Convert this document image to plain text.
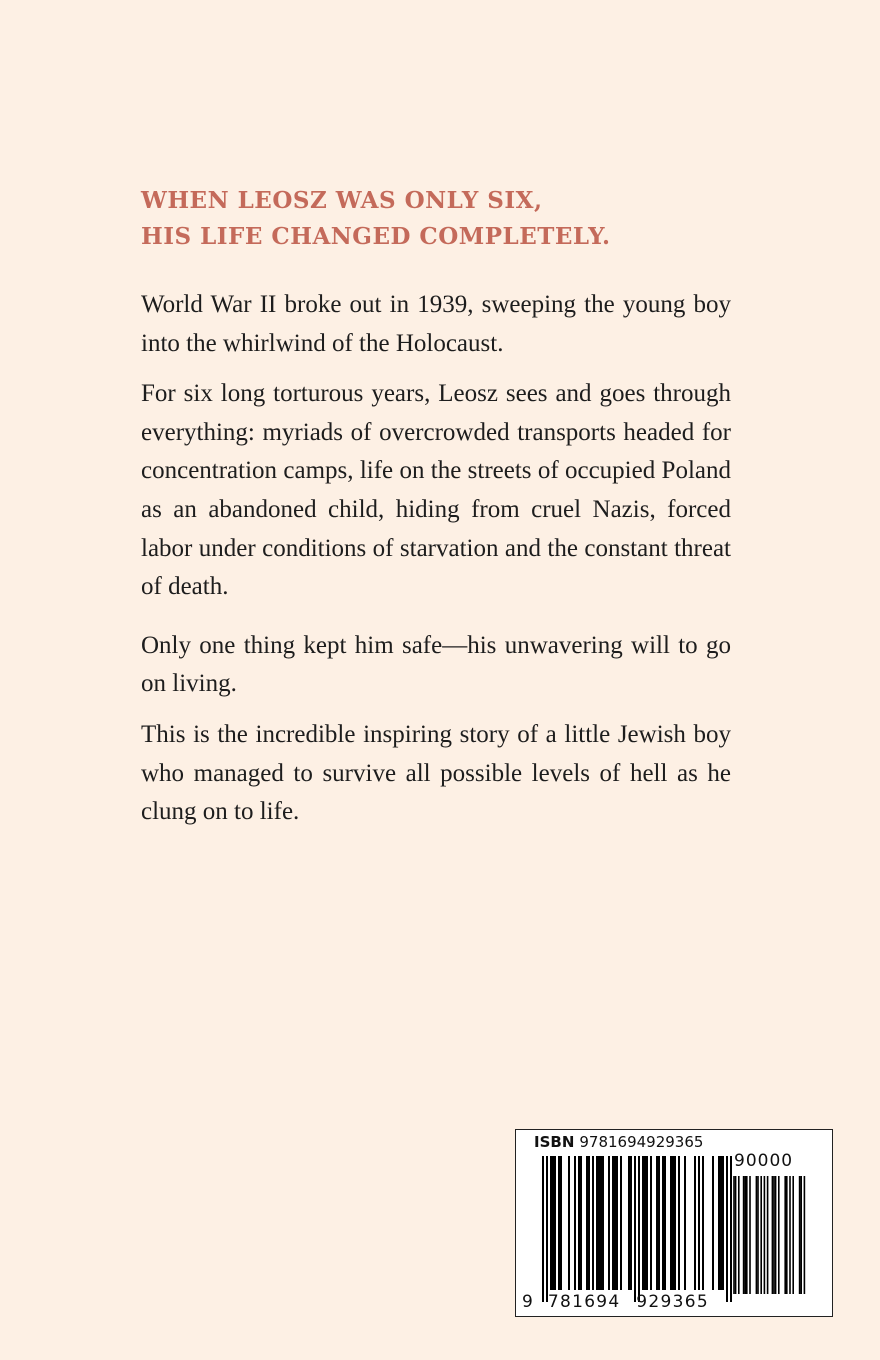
WHEN LEOSZ WAS ONLY SIX,
HIS LIFE CHANGED COMPLETELY.

World War II broke out in 1939, sweeping the young boy into the whirlwind of the Holocaust.

For six long torturous years, Leosz sees and goes through everything: myriads of overcrowded transports headed for concentration camps, life on the streets of occupied Poland as an abandoned child, hiding from cruel Nazis, forced labor under conditions of starvation and the constant threat of death.

Only one thing kept him safe—his unwavering will to go on living.

This is the incredible inspiring story of a little Jewish boy who managed to survive all possible levels of hell as he clung on to life.

ISBN 9781694929365
90000
9 781694 929365
